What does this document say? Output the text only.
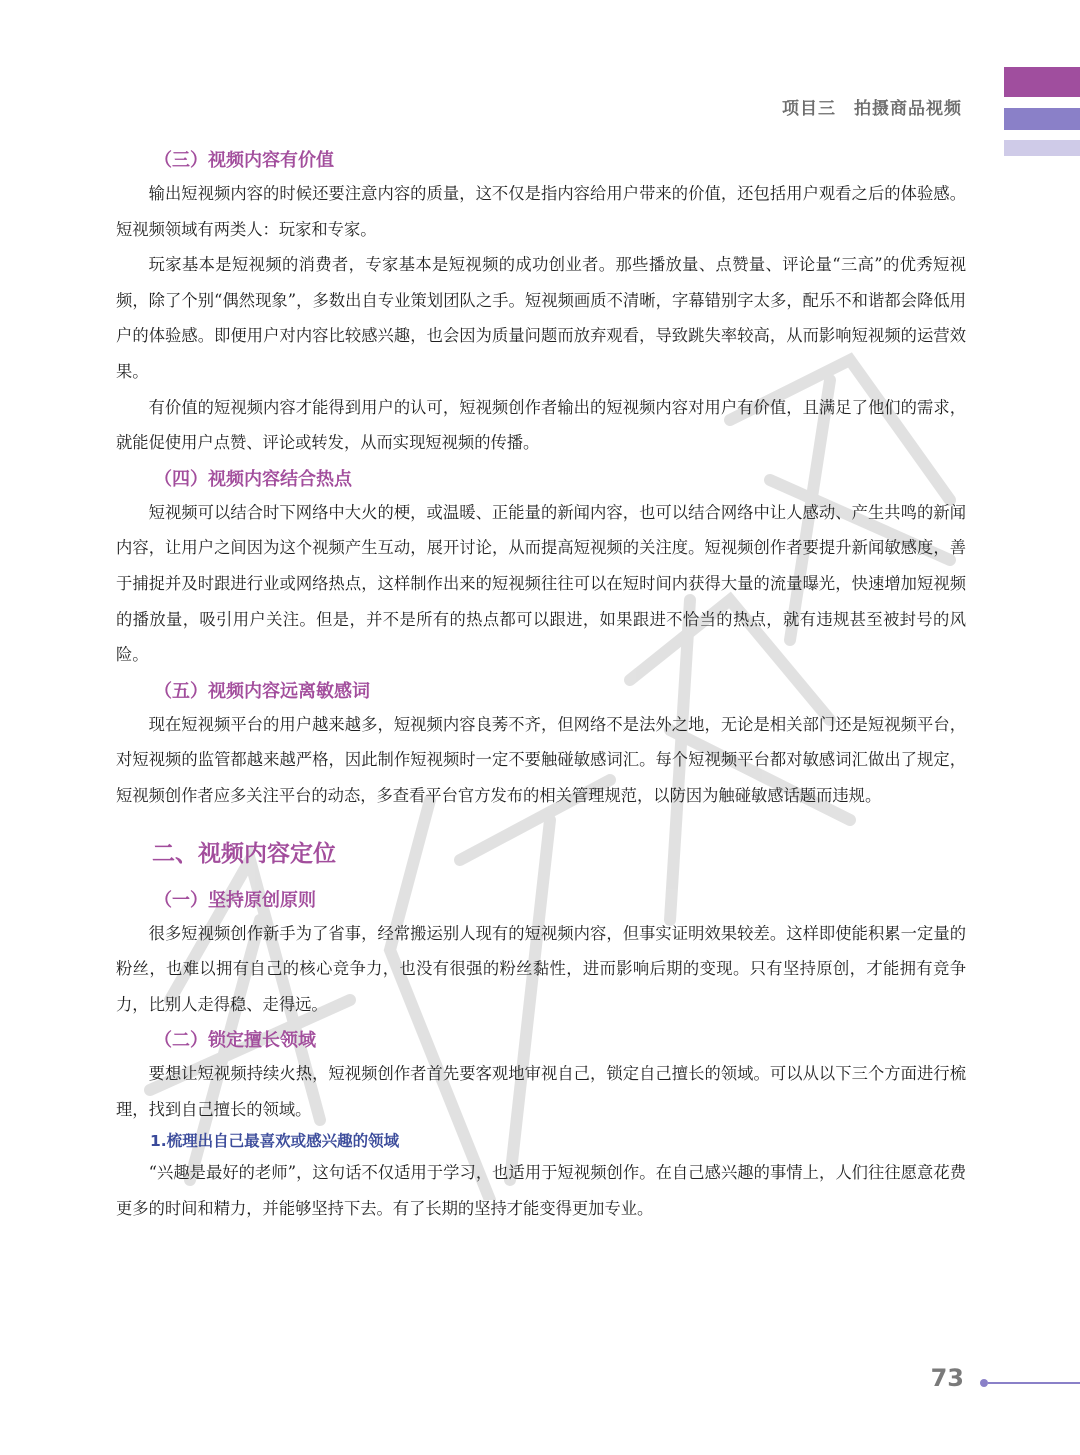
项目三　拍摄商品视频
（三）视频内容有价值

输出短视频内容的时候还要注意内容的质量，这不仅是指内容给用户带来的价值，还包括用户观看之后的体验感。短视频领域有两类人：玩家和专家。

玩家基本是短视频的消费者，专家基本是短视频的成功创业者。那些播放量、点赞量、评论量“三高”的优秀短视频，除了个别“偶然现象”，多数出自专业策划团队之手。短视频画质不清晰，字幕错别字太多，配乐不和谐都会降低用户的体验感。即便用户对内容比较感兴趣，也会因为质量问题而放弃观看，导致跳失率较高，从而影响短视频的运营效果。

有价值的短视频内容才能得到用户的认可，短视频创作者输出的短视频内容对用户有价值，且满足了他们的需求，就能促使用户点赞、评论或转发，从而实现短视频的传播。

（四）视频内容结合热点

短视频可以结合时下网络中大火的梗，或温暖、正能量的新闻内容，也可以结合网络中让人感动、产生共鸣的新闻内容，让用户之间因为这个视频产生互动，展开讨论，从而提高短视频的关注度。短视频创作者要提升新闻敏感度，善于捕捉并及时跟进行业或网络热点，这样制作出来的短视频往往可以在短时间内获得大量的流量曝光，快速增加短视频的播放量，吸引用户关注。但是，并不是所有的热点都可以跟进，如果跟进不恰当的热点，就有违规甚至被封号的风险。

（五）视频内容远离敏感词

现在短视频平台的用户越来越多，短视频内容良莠不齐，但网络不是法外之地，无论是相关部门还是短视频平台，对短视频的监管都越来越严格，因此制作短视频时一定不要触碰敏感词汇。每个短视频平台都对敏感词汇做出了规定，短视频创作者应多关注平台的动态，多查看平台官方发布的相关管理规范，以防因为触碰敏感话题而违规。

二、视频内容定位
（一）坚持原创原则

很多短视频创作新手为了省事，经常搬运别人现有的短视频内容，但事实证明效果较差。这样即使能积累一定量的粉丝，也难以拥有自己的核心竞争力，也没有很强的粉丝黏性，进而影响后期的变现。只有坚持原创，才能拥有竞争力，比别人走得稳、走得远。

（二）锁定擅长领域

要想让短视频持续火热，短视频创作者首先要客观地审视自己，锁定自己擅长的领域。可以从以下三个方面进行梳理，找到自己擅长的领域。

1.梳理出自己最喜欢或感兴趣的领域

“兴趣是最好的老师”，这句话不仅适用于学习，也适用于短视频创作。在自己感兴趣的事情上，人们往往愿意花费更多的时间和精力，并能够坚持下去。有了长期的坚持才能变得更加专业。

73
